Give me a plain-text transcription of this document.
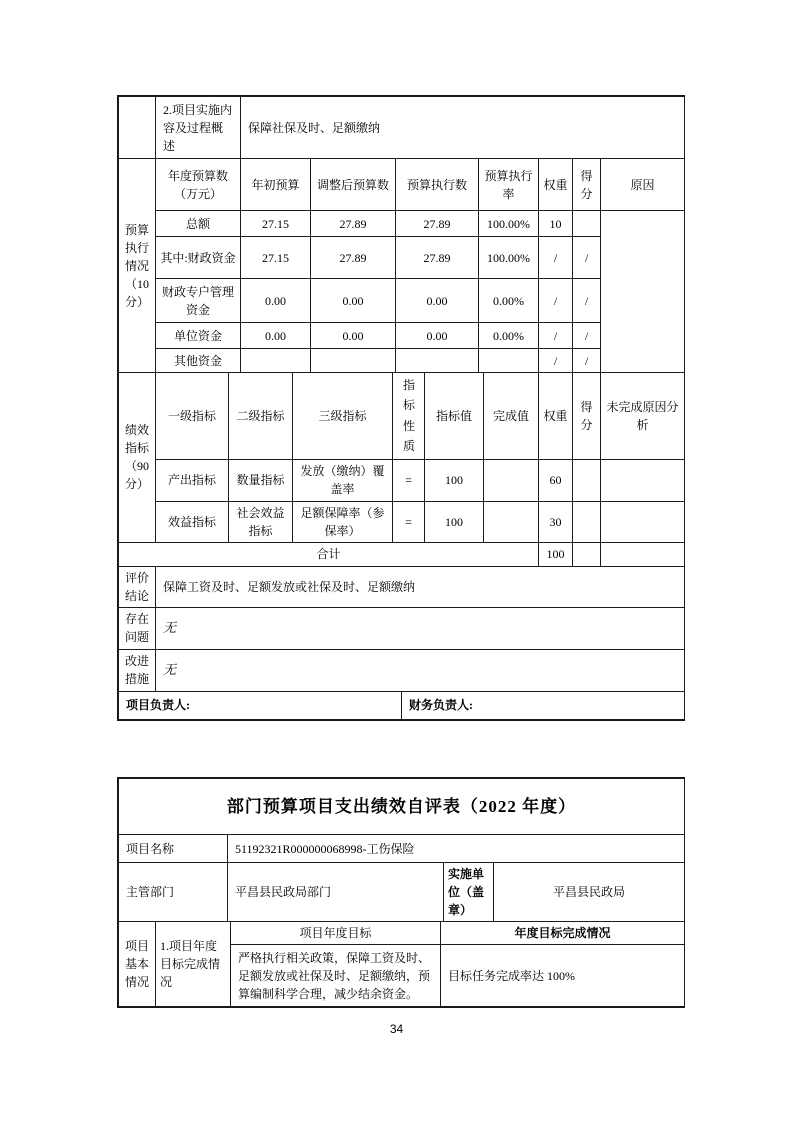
	2.项目实施内容及过程概述	保障社保及时、足额缴纳
预算执行情况（10分）	年度预算数（万元）	年初预算	调整后预算数	预算执行数	预算执行率	权重	得分	原因
	总额	27.15	27.89	27.89	100.00%	10		
	其中:财政资金	27.15	27.89	27.89	100.00%	/	/	
	财政专户管理资金	0.00	0.00	0.00	0.00%	/	/	
	单位资金	0.00	0.00	0.00	0.00%	/	/	
	其他资金					/	/	
绩效指标（90分）	一级指标	二级指标	三级指标	指标性质	指标值	完成值	权重	得分	未完成原因分析
	产出指标	数量指标	发放（缴纳）覆盖率	=	100		60		
	效益指标	社会效益指标	足额保障率（参保率）	=	100		30		
合计	100		
评价结论	保障工资及时、足额发放或社保及时、足额缴纳
存在问题	无
改进措施	无
项目负责人:	财务负责人:
部门预算项目支出绩效自评表（2022 年度）
项目名称	51192321R000000068998-工伤保险
主管部门	平昌县民政局部门	实施单位（盖章）	平昌县民政局
项目基本情况	1.项目年度目标完成情况	项目年度目标	年度目标完成情况
		严格执行相关政策，保障工资及时、足额发放或社保及时、足额缴纳，预算编制科学合理，减少结余资金。	目标任务完成率达 100%
34
